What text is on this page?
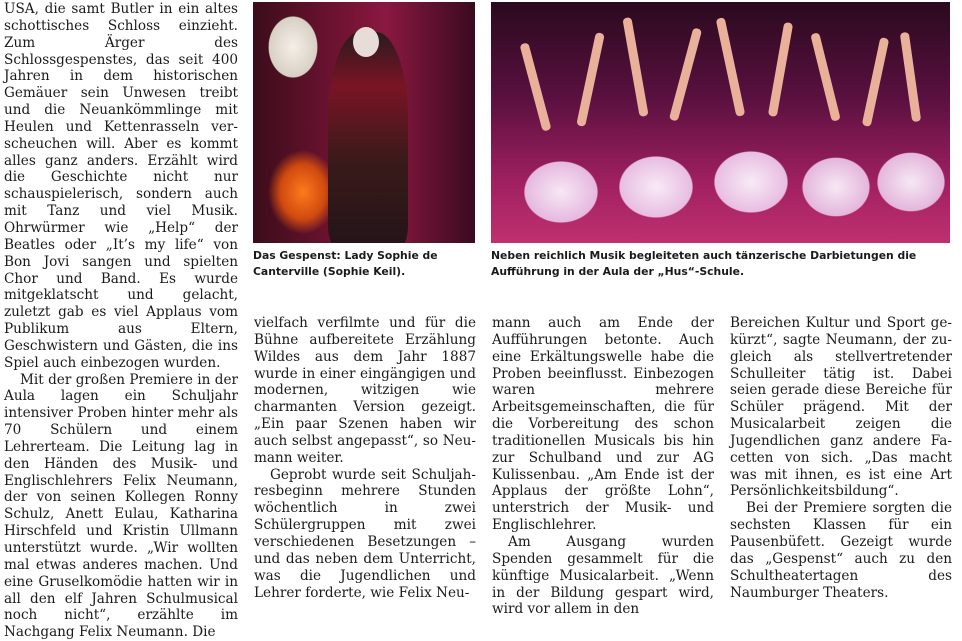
USA, die samt Butler in ein altes schottisches Schloss einzieht. Zum Ärger des Schlossgespenstes, das seit 400 Jahren in dem historischen Gemäuer sein Unwesen treibt und die Neuankömmlinge mit Heulen und Kettenrasseln verscheuchen will. Aber es kommt alles ganz anders. Erzählt wird die Geschichte nicht nur schauspielerisch, sondern auch mit Tanz und viel Musik. Ohrwürmer wie „Help“ der Beatles oder „It’s my life“ von Bon Jovi sangen und spielten Chor und Band. Es wurde mitgeklatscht und gelacht, zuletzt gab es viel Applaus vom Publikum aus Eltern, Geschwistern und Gästen, die ins Spiel auch einbezogen wurden.

Mit der großen Premiere in der Aula lagen ein Schuljahr intensiver Proben hinter mehr als 70 Schülern und einem Lehrerteam. Die Leitung lag in den Händen des Musik- und Englischlehrers Felix Neumann, der von seinen Kollegen Ronny Schulz, Anett Eulau, Katharina Hirschfeld und Kristin Ullmann unterstützt wurde. „Wir wollten mal etwas anderes machen. Und eine Gruselkomödie hatten wir in all den elf Jahren Schulmusical noch nicht“, erzählte im Nachgang Felix Neumann. Die

Das Gespenst: Lady Sophie de Canterville (Sophie Keil).
Neben reichlich Musik begleiteten auch tänzerische Darbietungen die Aufführung in der Aula der „Hus“-Schule.

vielfach verfilmte und für die Bühne aufbereitete Erzählung Wildes aus dem Jahr 1887 wurde in einer eingängigen und modernen, witzigen wie charmanten Version gezeigt. „Ein paar Szenen haben wir auch selbst angepasst“, so Neumann weiter.

Geprobt wurde seit Schuljahresbeginn mehrere Stunden wöchentlich in zwei Schülergruppen mit zwei verschiedenen Besetzungen – und das neben dem Unterricht, was die Jugendlichen und Lehrer forderte, wie Felix Neu-

mann auch am Ende der Aufführungen betonte. Auch eine Erkältungswelle habe die Proben beeinflusst. Einbezogen waren mehrere Arbeitsgemeinschaften, die für die Vorbereitung des schon traditionellen Musicals bis hin zur Schulband und zur AG Kulissenbau. „Am Ende ist der Applaus der größte Lohn“, unterstrich der Musik- und Englischlehrer.

Am Ausgang wurden Spenden gesammelt für die künftige Musicalarbeit. „Wenn in der Bildung gespart wird, wird vor allem in den

Bereichen Kultur und Sport gekürzt“, sagte Neumann, der zugleich als stellvertretender Schulleiter tätig ist. Dabei seien gerade diese Bereiche für Schüler prägend. Mit der Musicalarbeit zeigen die Jugendlichen ganz andere Facetten von sich. „Das macht was mit ihnen, es ist eine Art Persönlichkeitsbildung“.

Bei der Premiere sorgten die sechsten Klassen für ein Pausenbüfett. Gezeigt wurde das „Gespenst“ auch zu den Schultheatertagen des Naumburger Theaters.
